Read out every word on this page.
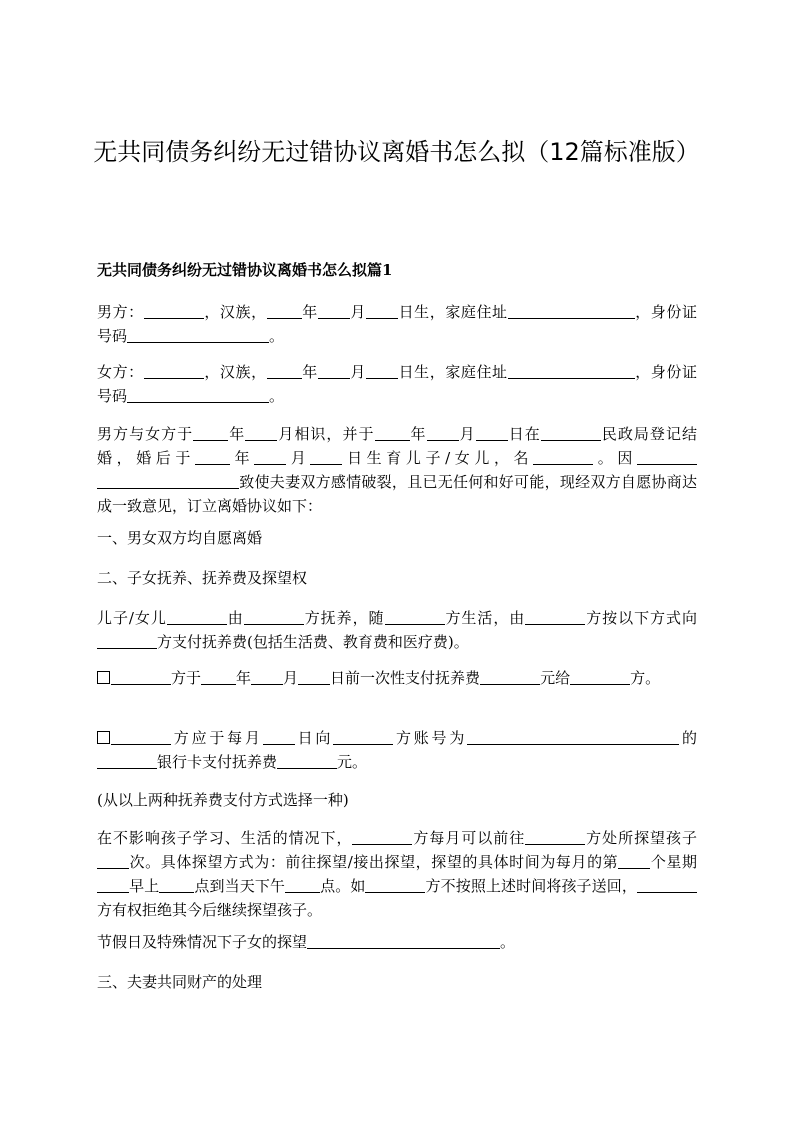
无共同债务纠纷无过错协议离婚书怎么拟（12篇标准版）
无共同债务纠纷无过错协议离婚书怎么拟篇1
男方：	，汉族， 年 月 日生，家庭住址	，身份证号码	。
女方：	，汉族， 年 月 日生，家庭住址	，身份证号码	。
男方与女方于 年 月相识，并于 年 月 日在	民政局登记结婚，婚后于 年 月 日生育儿子/女儿，名	。因致使夫妻双方感情破裂，且已无任何和好可能，现经双方自愿协商达成一致意见，订立离婚协议如下：
一、男女双方均自愿离婚
二、子女抚养、抚养费及探望权
儿子/女儿	由	方抚养，随	方生活，由	方按以下方式向方支付抚养费(包括生活费、教育费和医疗费)。
方于 年 月 日前一次性支付抚养费	元给	方。
方应于每月 日向	方账号为	的银行卡支付抚养费	元。
(从以上两种抚养费支付方式选择一种)
在不影响孩子学习、生活的情况下，	方每月可以前往	方处所探望孩子次。具体探望方式为：前往探望/接出探望，探望的具体时间为每月的第 个星期早上 点到当天下午 点。如	方不按照上述时间将孩子送回，方有权拒绝其今后继续探望孩子。
节假日及特殊情况下子女的探望	。
三、夫妻共同财产的处理
